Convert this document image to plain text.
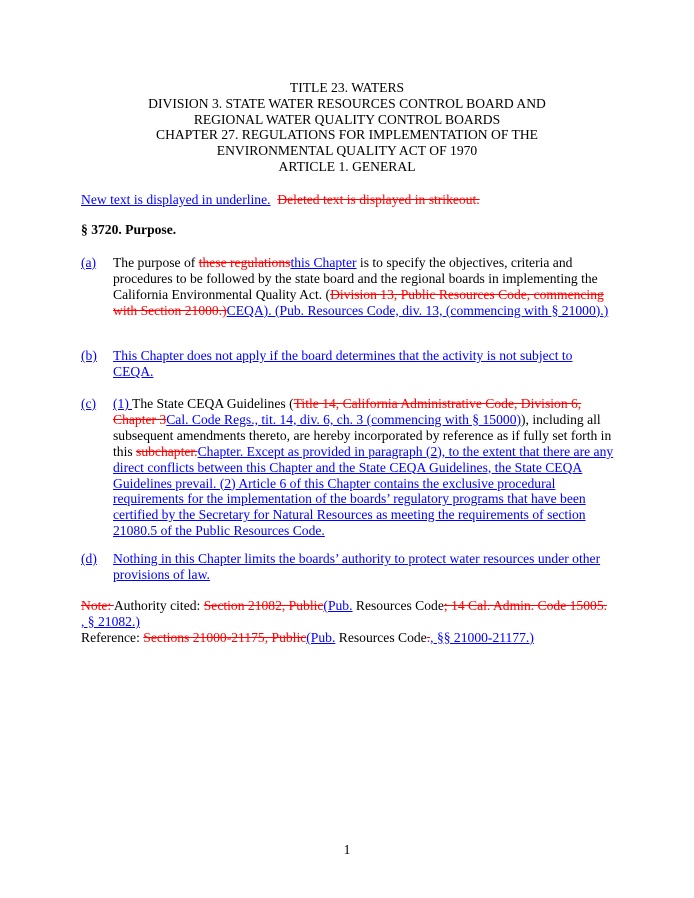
TITLE 23. WATERS
DIVISION 3. STATE WATER RESOURCES CONTROL BOARD AND
REGIONAL WATER QUALITY CONTROL BOARDS
CHAPTER 27. REGULATIONS FOR IMPLEMENTATION OF THE
ENVIRONMENTAL QUALITY ACT OF 1970
ARTICLE 1. GENERAL
New text is displayed in underline. Deleted text is displayed in strikeout.
§ 3720. Purpose.
(a) The purpose of these regulationsthis Chapter is to specify the objectives, criteria and procedures to be followed by the state board and the regional boards in implementing the California Environmental Quality Act. (Division 13, Public Resources Code, commencing with Section 21000.)CEQA). (Pub. Resources Code, div. 13, (commencing with § 21000).)
(b) This Chapter does not apply if the board determines that the activity is not subject to CEQA.
(c) (1) The State CEQA Guidelines (Title 14, California Administrative Code, Division 6, Chapter 3Cal. Code Regs., tit. 14, div. 6, ch. 3 (commencing with § 15000)), including all subsequent amendments thereto, are hereby incorporated by reference as if fully set forth in this subchapter.Chapter. Except as provided in paragraph (2), to the extent that there are any direct conflicts between this Chapter and the State CEQA Guidelines, the State CEQA Guidelines prevail. (2) Article 6 of this Chapter contains the exclusive procedural requirements for the implementation of the boards’ regulatory programs that have been certified by the Secretary for Natural Resources as meeting the requirements of section 21080.5 of the Public Resources Code.
(d) Nothing in this Chapter limits the boards’ authority to protect water resources under other provisions of law.
Note: Authority cited: Section 21082, Public(Pub. Resources Code; 14 Cal. Admin. Code 15005.
, § 21082.)
Reference: Sections 21000-21175, Public(Pub. Resources Code., §§ 21000-21177.)
1
